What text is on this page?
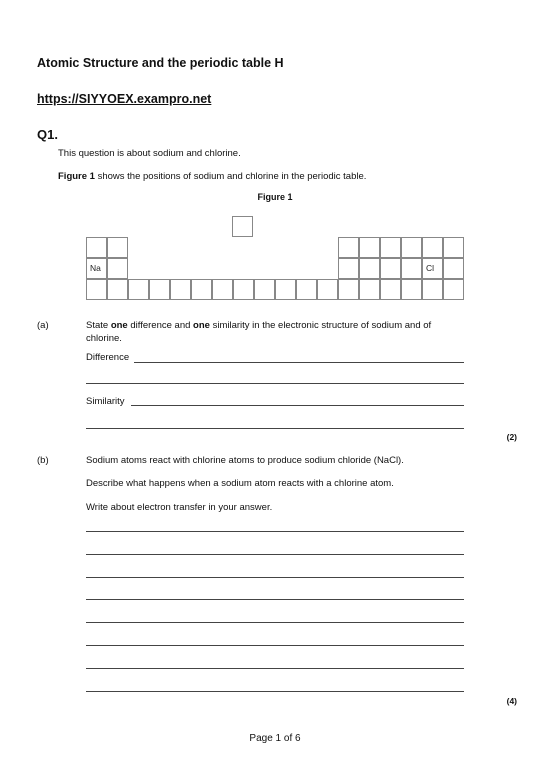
Atomic Structure and the periodic table H
https://SIYYOEX.exampro.net
Q1.
This question is about sodium and chlorine.
Figure 1 shows the positions of sodium and chlorine in the periodic table.
Figure 1
Na	Cl
(a)	State one difference and one similarity in the electronic structure of sodium and of
chlorine.
Difference
Similarity
(2)
(b)	Sodium atoms react with chlorine atoms to produce sodium chloride (NaCl).
Describe what happens when a sodium atom reacts with a chlorine atom.
Write about electron transfer in your answer.
(4)
Page 1 of 6
